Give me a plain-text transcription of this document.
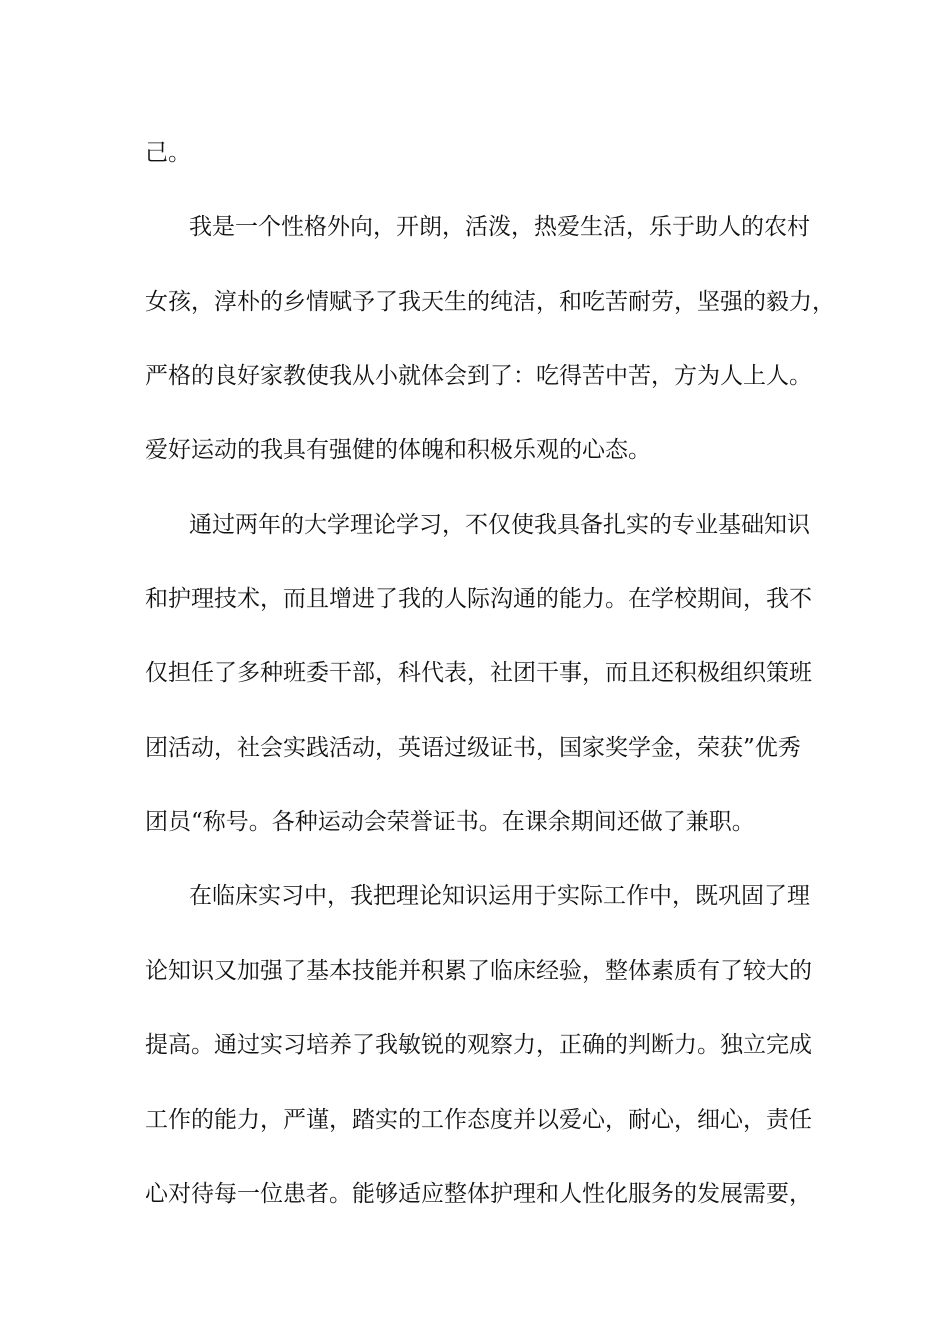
己。
我是一个性格外向，开朗，活泼，热爱生活，乐于助人的农村
女孩，淳朴的乡情赋予了我天生的纯洁，和吃苦耐劳，坚强的毅力，
严格的良好家教使我从小就体会到了：吃得苦中苦，方为人上人。
爱好运动的我具有强健的体魄和积极乐观的心态。
通过两年的大学理论学习，不仅使我具备扎实的专业基础知识
和护理技术，而且增进了我的人际沟通的能力。在学校期间，我不
仅担任了多种班委干部，科代表，社团干事，而且还积极组织策班
团活动，社会实践活动，英语过级证书，国家奖学金，荣获”优秀
团员“称号。各种运动会荣誉证书。在课余期间还做了兼职。
在临床实习中，我把理论知识运用于实际工作中，既巩固了理
论知识又加强了基本技能并积累了临床经验，整体素质有了较大的
提高。通过实习培养了我敏锐的观察力，正确的判断力。独立完成
工作的能力，严谨，踏实的工作态度并以爱心，耐心，细心，责任
心对待每一位患者。能够适应整体护理和人性化服务的发展需要，
